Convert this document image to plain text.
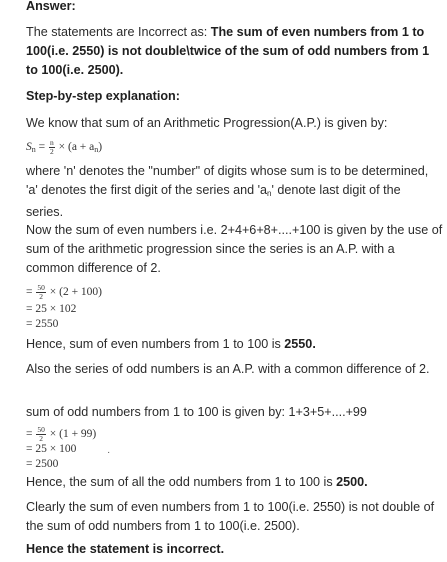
Answer:
The statements are Incorrect as: The sum of even numbers from 1 to 100(i.e. 2550) is not double\twice of the sum of odd numbers from 1 to 100(i.e. 2500).
Step-by-step explanation:
We know that sum of an Arithmetic Progression(A.P.) is given by:
$S_n = \frac{n}{2} \times (a + a_n)$
where 'n' denotes the "number" of digits whose sum is to be determined, 'a' denotes the first digit of the series and '$a_n$' denote last digit of the series.
Now the sum of even numbers i.e. 2+4+6+8+....+100 is given by the use of sum of the arithmetic progression since the series is an A.P. with a common difference of 2.
= $\frac{50}{2} \times (2 + 100)$
= 25 × 102
= 2550
Hence, sum of even numbers from 1 to 100 is 2550.
Also the series of odd numbers is an A.P. with a common difference of 2.
sum of odd numbers from 1 to 100 is given by: 1+3+5+....+99
= $\frac{50}{2} \times (1 + 99)$
= 25 × 100	·
= 2500
Hence, the sum of all the odd numbers from 1 to 100 is 2500.
Clearly the sum of even numbers from 1 to 100(i.e. 2550) is not double of the sum of odd numbers from 1 to 100(i.e. 2500).
Hence the statement is incorrect.
